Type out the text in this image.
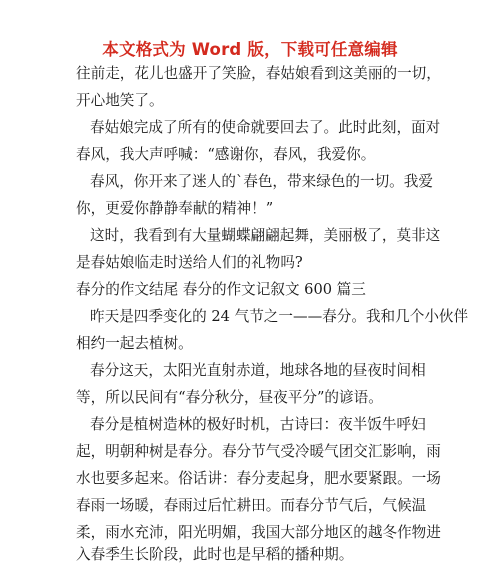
本文格式为 Word 版，下载可任意编辑
往前走，花儿也盛开了笑脸，春姑娘看到这美丽的一切，
开心地笑了。
春姑娘完成了所有的使命就要回去了。此时此刻，面对
春风，我大声呼喊：“感谢你，春风，我爱你。
春风，你开来了迷人的`春色，带来绿色的一切。我爱
你，更爱你静静奉献的精神！”
这时，我看到有大量蝴蝶翩翩起舞，美丽极了，莫非这
是春姑娘临走时送给人们的礼物吗?
春分的作文结尾 春分的作文记叙文 600 篇三
昨天是四季变化的 24 气节之一——春分。我和几个小伙伴
相约一起去植树。
春分这天，太阳光直射赤道，地球各地的昼夜时间相
等，所以民间有“春分秋分，昼夜平分”的谚语。
春分是植树造林的极好时机，古诗曰：夜半饭牛呼妇
起，明朝种树是春分。春分节气受冷暖气团交汇影响，雨
水也要多起来。俗话讲：春分麦起身，肥水要紧跟。一场
春雨一场暖，春雨过后忙耕田。而春分节气后，气候温
柔，雨水充沛，阳光明媚，我国大部分地区的越冬作物进
入春季生长阶段，此时也是早稻的播种期。
